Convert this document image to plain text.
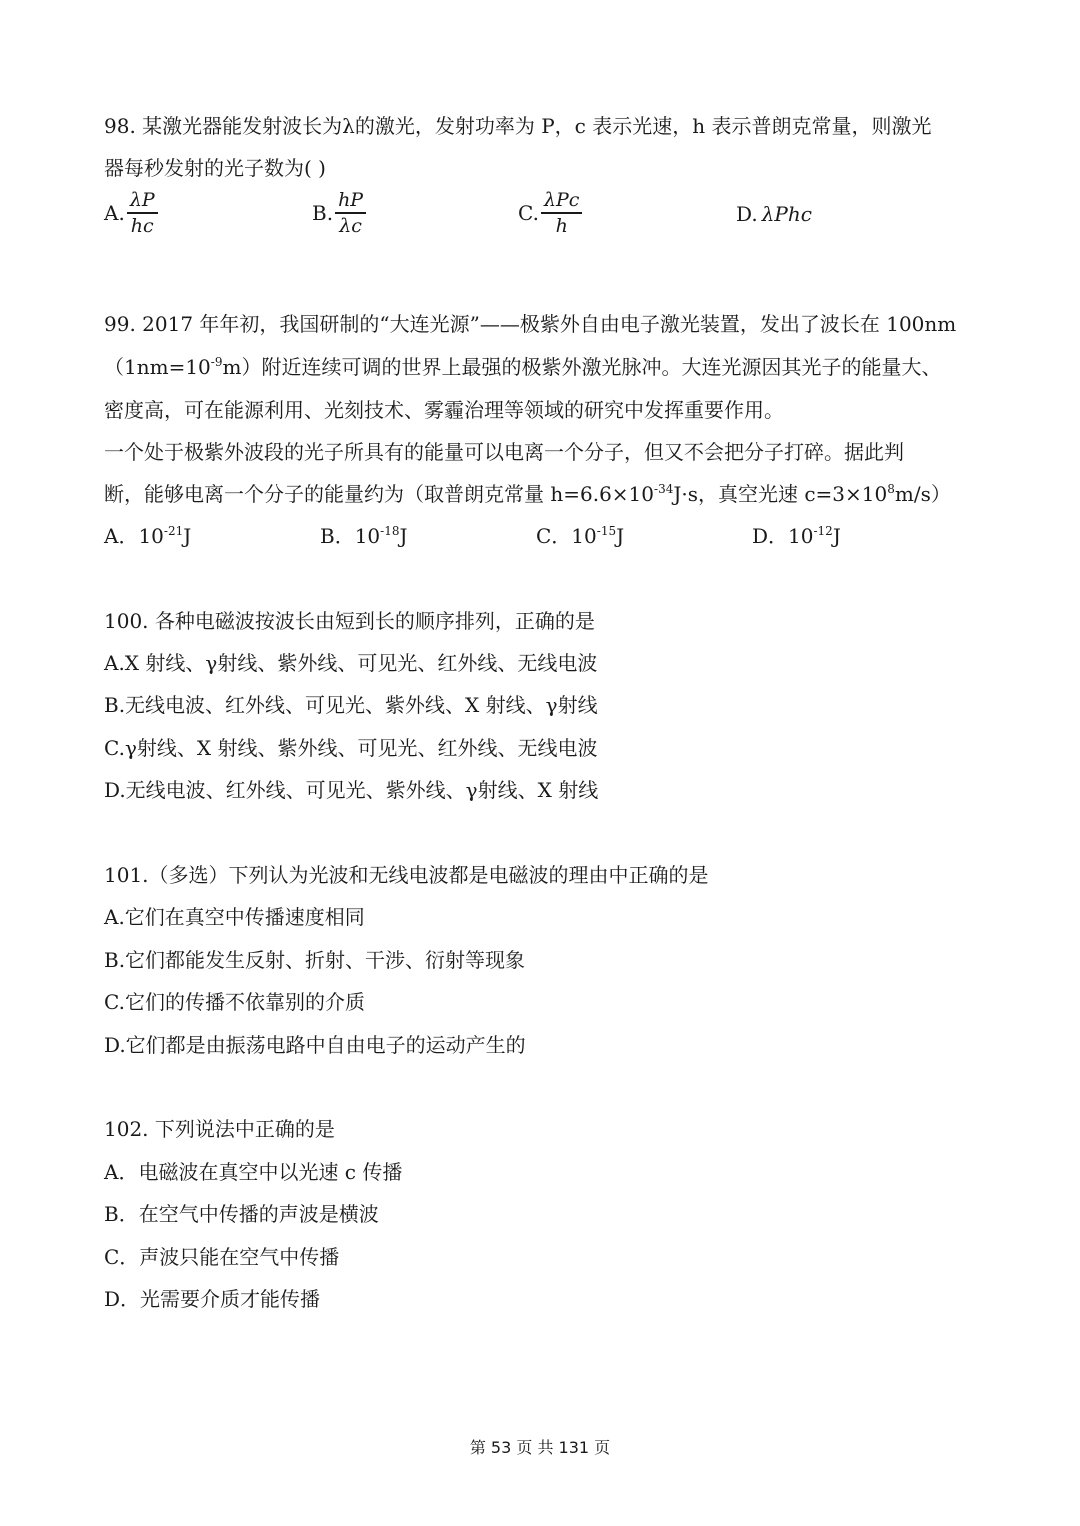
98. 某激光器能发射波长为λ的激光，发射功率为 P，c 表示光速，h 表示普朗克常量，则激光
器每秒发射的光子数为( )
A. $\frac{\lambda P}{hc}$	B. $\frac{hP}{\lambda c}$	C. $\frac{\text{λPc}}{h}$	D. λPhc
99. 2017 年年初，我国研制的“大连光源”——极紫外自由电子激光装置，发出了波长在 100nm
$(1nm=10^{-9}m)$附近连续可调的世界上最强的极紫外激光脉冲。大连光源因其光子的能量大、
密度高，可在能源利用、光刻技术、雾霾治理等领域的研究中发挥重要作用。
一个处于极紫外波段的光子所具有的能量可以电离一个分子，但又不会把分子打碎。据此判
断，能够电离一个分子的能量约为（取普朗克常量 $h=6.6\times 10^{-34}J\cdot s$，真空光速 $c=3\times 10^8m/s$）
A．$10^{-21}J$	B．$10^{-18}J$	C．$10^{-15}J$	D．$10^{-12}J$
100. 各种电磁波按波长由短到长的顺序排列，正确的是
A.X 射线、γ射线、紫外线、可见光、红外线、无线电波
B.无线电波、红外线、可见光、紫外线、X 射线、γ射线
C.γ射线、X 射线、紫外线、可见光、红外线、无线电波
D.无线电波、红外线、可见光、紫外线、γ射线、X 射线
101.（多选）下列认为光波和无线电波都是电磁波的理由中正确的是
A.它们在真空中传播速度相同
B.它们都能发生反射、折射、干涉、衍射等现象
C.它们的传播不依靠别的介质
D.它们都是由振荡电路中自由电子的运动产生的
102. 下列说法中正确的是
A．电磁波在真空中以光速 c 传播
B．在空气中传播的声波是横波
C．声波只能在空气中传播
D．光需要介质才能传播
第 53 页 共 131 页
